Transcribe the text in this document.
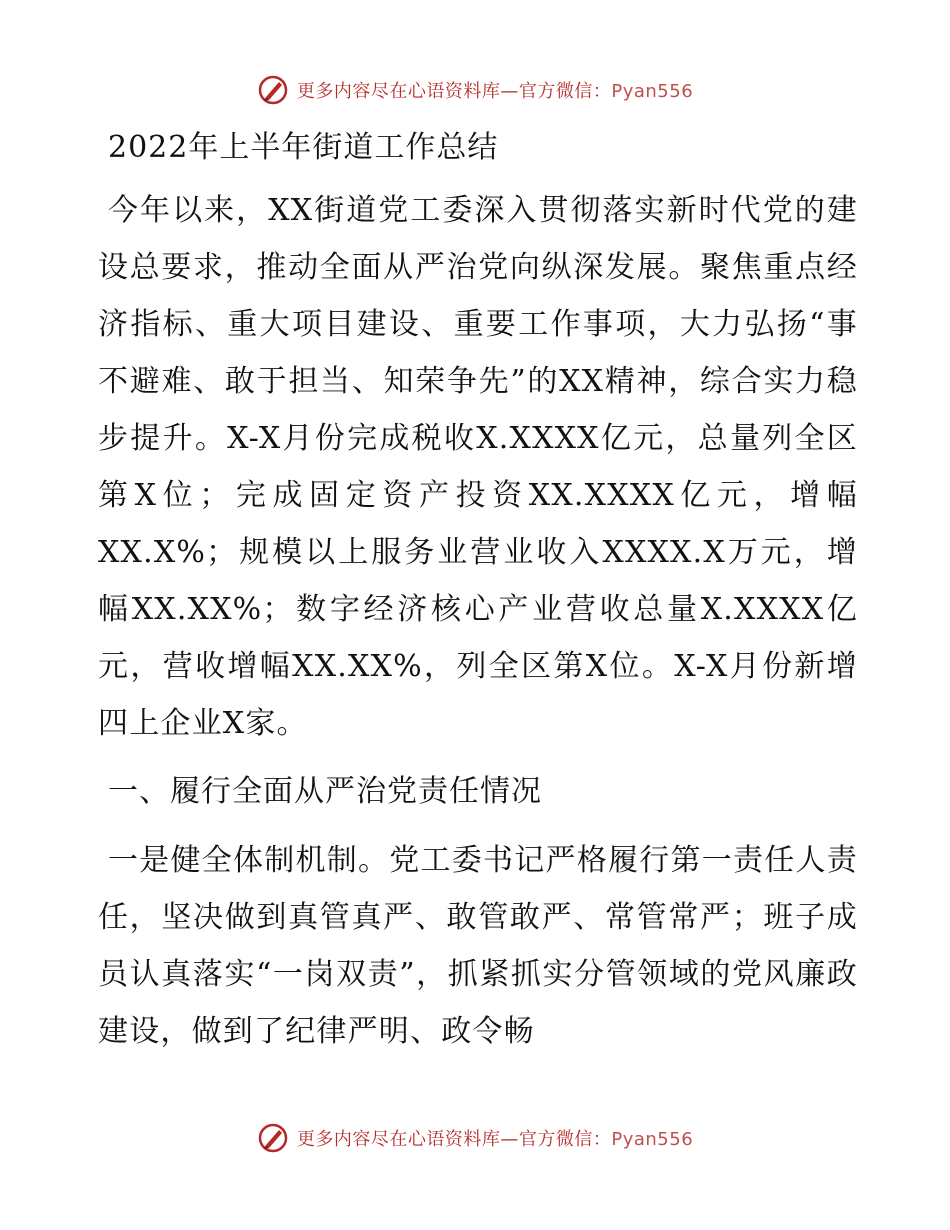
更多内容尽在心语资料库—官方微信：Pyan556
2022年上半年街道工作总结

今年以来，XX街道党工委深入贯彻落实新时代党的建设总要求，推动全面从严治党向纵深发展。聚焦重点经济指标、重大项目建设、重要工作事项，大力弘扬“事不避难、敢于担当、知荣争先”的XX精神，综合实力稳步提升。X-X月份完成税收X.XXXX亿元，总量列全区第X位；完成固定资产投资XX.XXXX亿元，增幅XX.X%；规模以上服务业营业收入XXXX.X万元，增幅XX.XX%；数字经济核心产业营收总量X.XXXX亿元，营收增幅XX.XX%，列全区第X位。X-X月份新增四上企业X家。

一、履行全面从严治党责任情况

一是健全体制机制。党工委书记严格履行第一责任人责任，坚决做到真管真严、敢管敢严、常管常严；班子成员认真落实“一岗双责”，抓紧抓实分管领域的党风廉政建设，做到了纪律严明、政令畅

更多内容尽在心语资料库—官方微信：Pyan556
